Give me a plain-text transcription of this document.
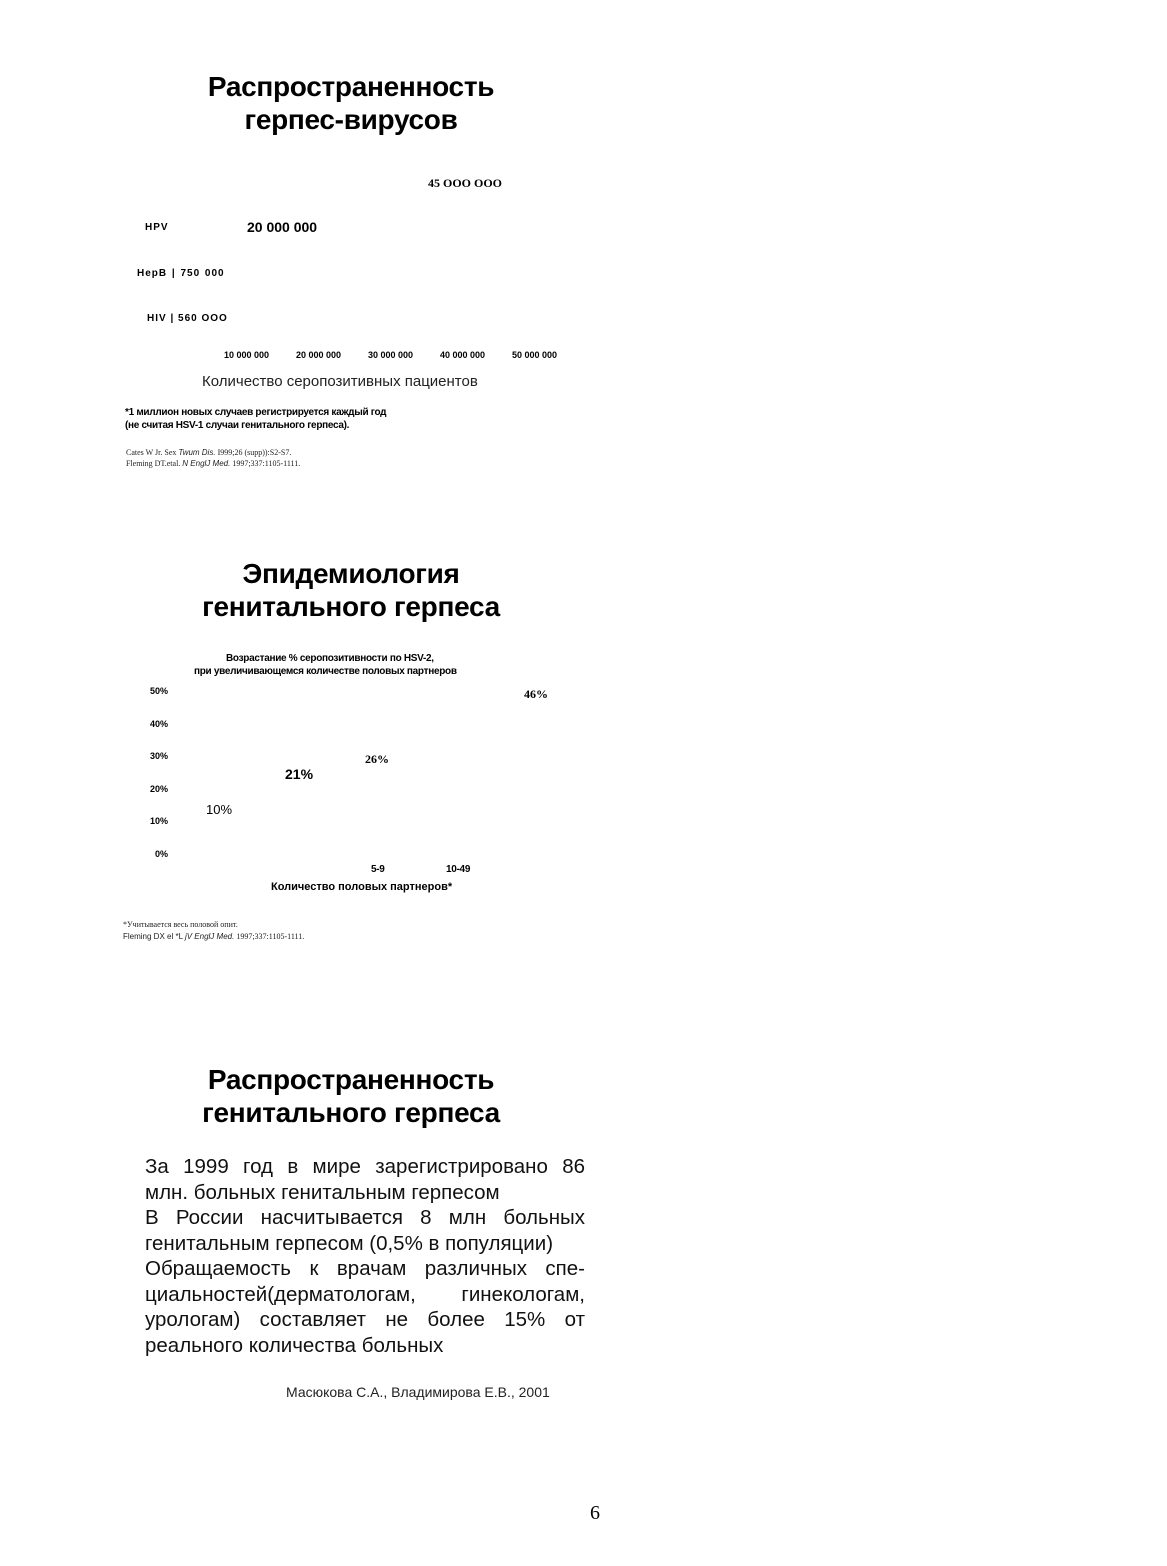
Распространенность
герпес-вирусов
45 ООО ООО
HPV	20 000 000
HepB | 750 000
HIV | 560 ООО
10 000 000	20 000 000	30 000 000	40 000 000	50 000 000
Количество серопозитивных пациентов
*1 миллион новых случаев регистрируется каждый год
(не считая HSV-1 случаи генитального герпеса).
Cates W Jr. Sex Twum Dis. I999;26 (supp)):S2-S7.
Fleming DT.etal. N EnglJ Med. 1997;337:1105-1111.
Эпидемиология
генитального герпеса
Возрастание % серопозитивности по HSV-2,
при увеличивающемся количестве половых партнеров
50%
40%
30%
20%
10%
0%
10%
21%
26%
46%
5-9	10-49
Количество половых партнеров*
*Учитывается весь половой опит.
Fleming DX el *L jV EnglJ Med. 1997;337:1105-1111.
Распространенность
генитального герпеса
За 1999 год в мире зарегистрировано 86
млн. больных генитальным герпесом
В России насчитывается 8 млн больных
генитальным герпесом (0,5% в популяции)
Обращаемость к врачам различных спе-
циальностей(дерматологам, гинекологам,
урологам) составляет не более 15% от
реального количества больных
Масюкова С.А., Владимирова Е.В., 2001
6
